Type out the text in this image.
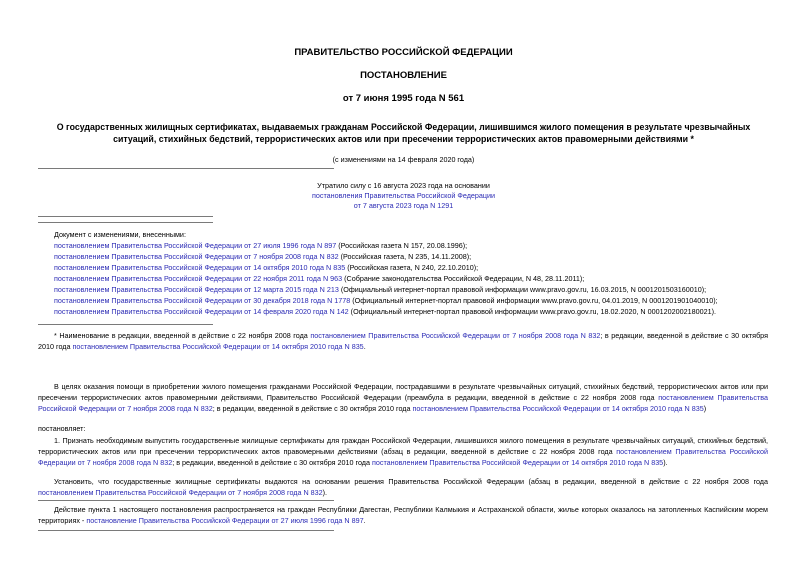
ПРАВИТЕЛЬСТВО РОССИЙСКОЙ ФЕДЕРАЦИИ
ПОСТАНОВЛЕНИЕ
от 7 июня 1995 года N 561
О государственных жилищных сертификатах, выдаваемых гражданам Российской Федерации, лишившимся жилого помещения в результате чрезвычайных
ситуаций, стихийных бедствий, террористических актов или при пресечении террористических актов правомерными действиями *
(с изменениями на 14 февраля 2020 года)
Утратило силу с 16 августа 2023 года на основании
постановления Правительства Российской Федерации
от 7 августа 2023 года N 1291
Документ с изменениями, внесенными:
постановлением Правительства Российской Федерации от 27 июля 1996 года N 897 (Российская газета N 157, 20.08.1996);
постановлением Правительства Российской Федерации от 7 ноября 2008 года N 832 (Российская газета, N 235, 14.11.2008);
постановлением Правительства Российской Федерации от 14 октября 2010 года N 835 (Российская газета, N 240, 22.10.2010);
постановлением Правительства Российской Федерации от 22 ноября 2011 года N 963 (Собрание законодательства Российской Федерации, N 48, 28.11.2011);
постановлением Правительства Российской Федерации от 12 марта 2015 года N 213 (Официальный интернет-портал правовой информации www.pravo.gov.ru, 16.03.2015, N 0001201503160010);
постановлением Правительства Российской Федерации от 30 декабря 2018 года N 1778 (Официальный интернет-портал правовой информации www.pravo.gov.ru, 04.01.2019, N 0001201901040010);
постановлением Правительства Российской Федерации от 14 февраля 2020 года N 142 (Официальный интернет-портал правовой информации www.pravo.gov.ru, 18.02.2020, N 0001202002180021).
* Наименование в редакции, введенной в действие с 22 ноября 2008 года постановлением Правительства Российской Федерации от 7 ноября 2008 года N 832; в редакции, введенной в действие с 30 октября 2010 года постановлением Правительства Российской Федерации от 14 октября 2010 года N 835.
В целях оказания помощи в приобретении жилого помещения гражданами Российской Федерации, пострадавшими в результате чрезвычайных ситуаций, стихийных бедствий, террористических актов или при пресечении террористических актов правомерными действиями, Правительство Российской Федерации (преамбула в редакции, введенной в действие с 22 ноября 2008 года постановлением Правительства Российской Федерации от 7 ноября 2008 года N 832; в редакции, введенной в действие с 30 октября 2010 года постановлением Правительства Российской Федерации от 14 октября 2010 года N 835)
постановляет:
1. Признать необходимым выпустить государственные жилищные сертификаты для граждан Российской Федерации, лишившихся жилого помещения в результате чрезвычайных ситуаций, стихийных бедствий, террористических актов или при пресечении террористических актов правомерными действиями (абзац в редакции, введенной в действие с 22 ноября 2008 года постановлением Правительства Российской Федерации от 7 ноября 2008 года N 832; в редакции, введенной в действие с 30 октября 2010 года постановлением Правительства Российской Федерации от 14 октября 2010 года N 835).
Установить, что государственные жилищные сертификаты выдаются на основании решения Правительства Российской Федерации (абзац в редакции, введенной в действие с 22 ноября 2008 года постановлением Правительства Российской Федерации от 7 ноября 2008 года N 832).
Действие пункта 1 настоящего постановления распространяется на граждан Республики Дагестан, Республики Калмыкия и Астраханской области, жилье которых оказалось на затопленных Каспийским морем территориях - постановление Правительства Российской Федерации от 27 июля 1996 года N 897.
